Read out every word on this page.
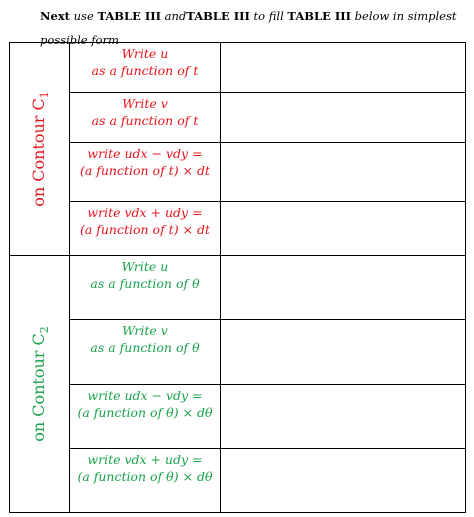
Next use TABLE III andTABLE III to fill TABLE III below in simplest
possible form
on Contour $C_1$	Write u
as a function of t	

	Write v
as a function of t	

	write udx − vdy =
(a function of t) × dt	

	write vdx + udy =
(a function of t) × dt	

on Contour $C_2$	Write u
as a function of θ	

	Write v
as a function of θ	

	write udx − vdy =
(a function of θ) × dθ	

	write vdx + udy =
(a function of θ) × dθ	
